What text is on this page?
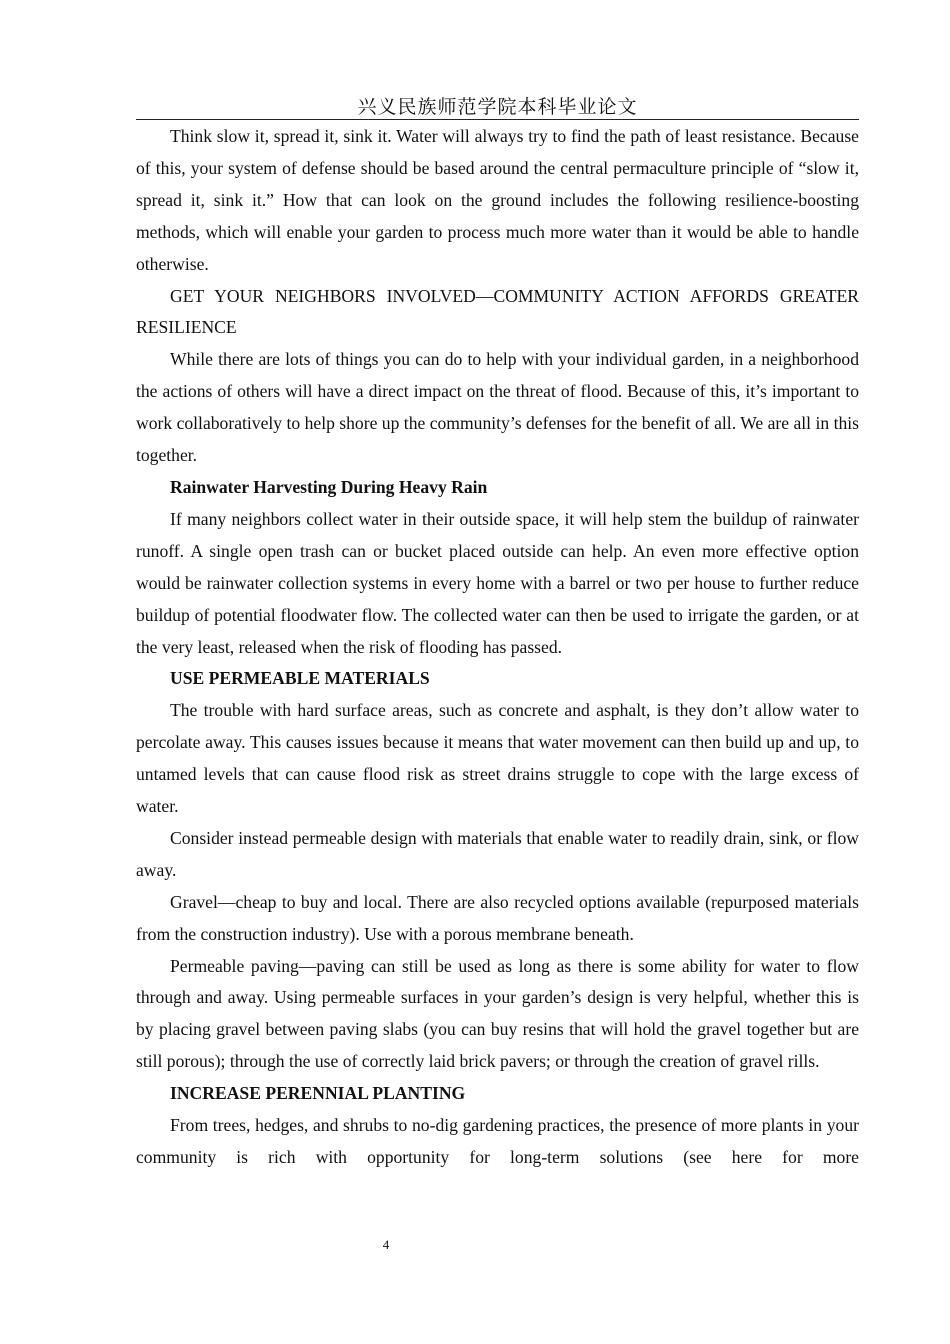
兴义民族师范学院本科毕业论文

Think slow it, spread it, sink it. Water will always try to find the path of least resistance. Because of this, your system of defense should be based around the central permaculture principle of “slow it, spread it, sink it.” How that can look on the ground includes the following resilience-boosting methods, which will enable your garden to process much more water than it would be able to handle otherwise.

GET YOUR NEIGHBORS INVOLVED—COMMUNITY ACTION AFFORDS GREATER RESILIENCE

While there are lots of things you can do to help with your individual garden, in a neighborhood the actions of others will have a direct impact on the threat of flood. Because of this, it’s important to work collaboratively to help shore up the community’s defenses for the benefit of all. We are all in this together.

Rainwater Harvesting During Heavy Rain

If many neighbors collect water in their outside space, it will help stem the buildup of rainwater runoff. A single open trash can or bucket placed outside can help. An even more effective option would be rainwater collection systems in every home with a barrel or two per house to further reduce buildup of potential floodwater flow. The collected water can then be used to irrigate the garden, or at the very least, released when the risk of flooding has passed.

USE PERMEABLE MATERIALS

The trouble with hard surface areas, such as concrete and asphalt, is they don’t allow water to percolate away. This causes issues because it means that water movement can then build up and up, to untamed levels that can cause flood risk as street drains struggle to cope with the large excess of water.

Consider instead permeable design with materials that enable water to readily drain, sink, or flow away.

Gravel—cheap to buy and local. There are also recycled options available (repurposed materials from the construction industry). Use with a porous membrane beneath.

Permeable paving—paving can still be used as long as there is some ability for water to flow through and away. Using permeable surfaces in your garden’s design is very helpful, whether this is by placing gravel between paving slabs (you can buy resins that will hold the gravel together but are still porous); through the use of correctly laid brick pavers; or through the creation of gravel rills.

INCREASE PERENNIAL PLANTING

From trees, hedges, and shrubs to no-dig gardening practices, the presence of more plants in your community is rich with opportunity for long-term solutions (see here for more

4
